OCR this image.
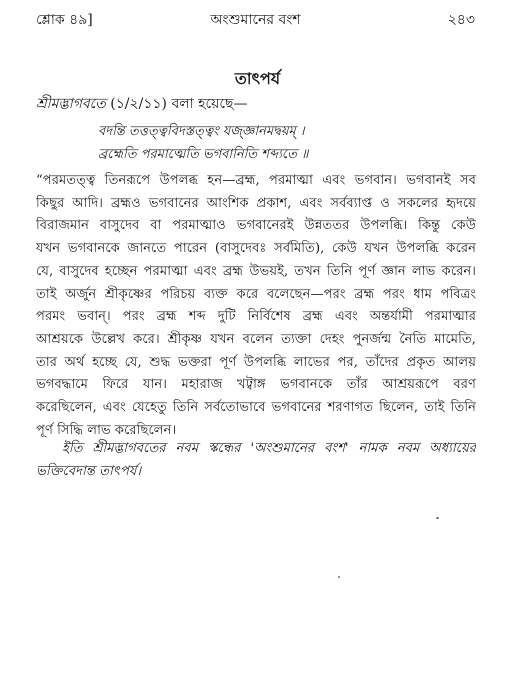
শ্লোক ৪৯]	অংশুমানের বংশ	২৪৩
তাৎপর্য
শ্রীমদ্ভাগবতে (১/২/১১) বলা হয়েছে—
বদন্তি তত্তত্ত্ববিদস্তত্ত্বং যজ্জ্ঞানমদ্বয়ম্ ।
ব্রহ্মেতি পরমাত্মেতি ভগবানিতি শব্দ্যতে ॥
“পরমতত্ত্ব তিনরূপে উপলব্ধ হন—ব্রহ্ম, পরমাত্মা এবং ভগবান। ভগবানই সব
কিছুর আদি। ব্রহ্মও ভগবানের আংশিক প্রকাশ, এবং সর্বব্যাপ্ত ও সকলের হৃদয়ে
বিরাজমান বাসুদেব বা পরমাত্মাও ভগবানেরই উন্নততর উপলব্ধি। কিন্তু কেউ
যখন ভগবানকে জানতে পারেন (বাসুদেবঃ সর্বমিতি), কেউ যখন উপলব্ধি করেন
যে, বাসুদেব হচ্ছেন পরমাত্মা এবং ব্রহ্ম উভয়ই, তখন তিনি পূর্ণ জ্ঞান লাভ করেন।
তাই অর্জুন শ্রীকৃষ্ণের পরিচয় ব্যক্ত করে বলেছেন—পরং ব্রহ্ম পরং ধাম পবিত্রং
পরমং ভবান্। পরং ব্রহ্ম শব্দ দুটি নির্বিশেষ ব্রহ্ম এবং অন্তর্যামী পরমাত্মার
আশ্রয়কে উল্লেখ করে। শ্রীকৃষ্ণ যখন বলেন ত্যক্তা দেহং পুনর্জন্ম নৈতি মামেতি,
তার অর্থ হচ্ছে যে, শুদ্ধ ভক্তরা পূর্ণ উপলব্ধি লাভের পর, তাঁদের প্রকৃত আলয়
ভগবদ্ধামে ফিরে যান। মহারাজ খট্বাঙ্গ ভগবানকে তাঁর আশ্রয়রূপে বরণ
করেছিলেন, এবং যেহেতু তিনি সর্বতোভাবে ভগবানের শরণাগত ছিলেন, তাই তিনি
পূর্ণ সিদ্ধি লাভ করেছিলেন।
ইতি শ্রীমদ্ভাগবতের নবম স্কন্ধের 'অংশুমানের বংশ' নামক নবম অধ্যায়ের
ভক্তিবেদান্ত তাৎপর্য।
